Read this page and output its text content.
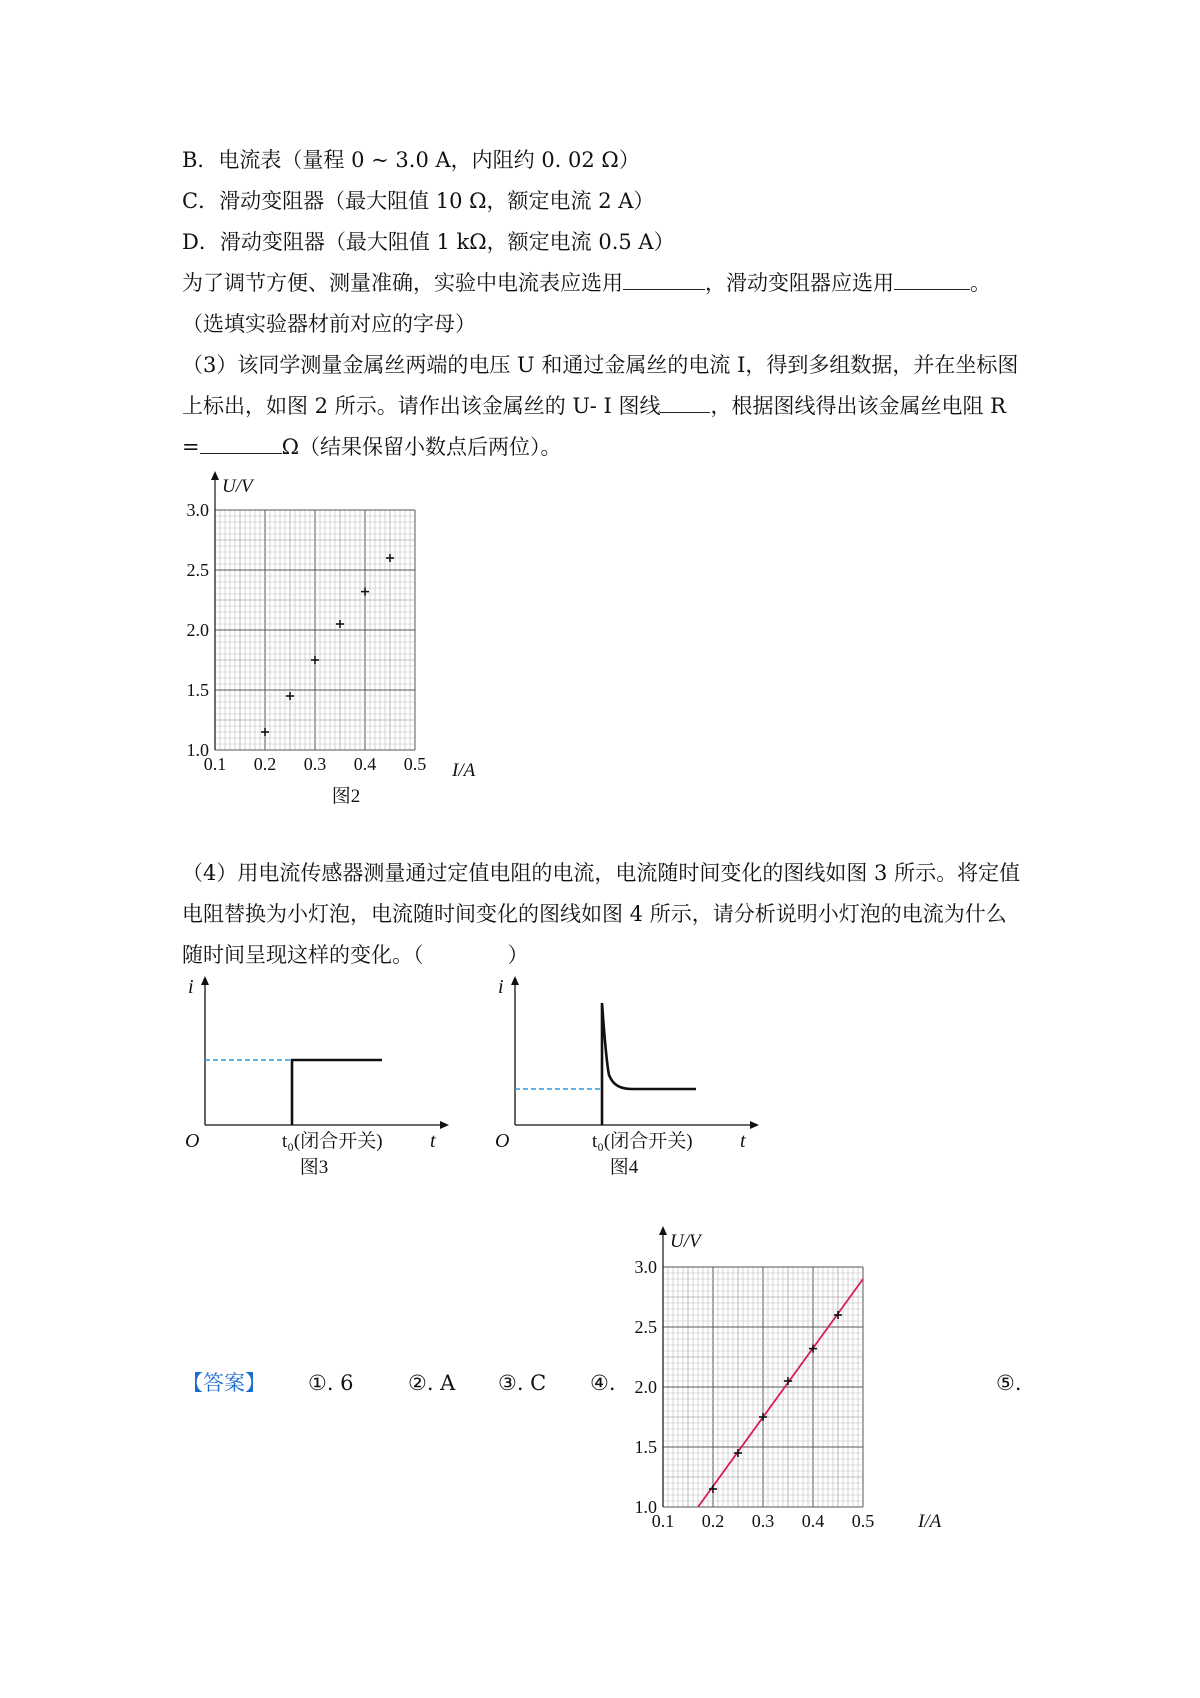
B．电流表（量程 0 ~ 3.0 A，内阻约 0. 02 Ω）
C．滑动变阻器（最大阻值 10 Ω，额定电流 2 A）
D．滑动变阻器（最大阻值 1 kΩ，额定电流 0.5 A）
为了调节方便、测量准确，实验中电流表应选用	，滑动变阻器应选用	。
（选填实验器材前对应的字母）
（3）该同学测量金属丝两端的电压 U 和通过金属丝的电流 I，得到多组数据，并在坐标图
上标出，如图 2 所示。请作出该金属丝的 U- I 图线 ，根据图线得出该金属丝电阻 R
=	Ω（结果保留小数点后两位）。
U/V
3.0
2.5
2.0
1.5
1.0
0.1 0.2 0.3 0.4 0.5 I/A
图2
（4）用电流传感器测量通过定值电阻的电流，电流随时间变化的图线如图 3 所示。将定值
电阻替换为小灯泡，电流随时间变化的图线如图 4 所示，请分析说明小灯泡的电流为什么
随时间呈现这样的变化。（	）
i
O	t₀(闭合开关) t
图3
i
O	t₀(闭合开关) t
图4
【答案】 ①. 6	②. A ③. C ④.	⑤.
U/V
3.0
2.5
2.0
1.5
1.0
0.1 0.2 0.3 0.4 0.5 I/A
